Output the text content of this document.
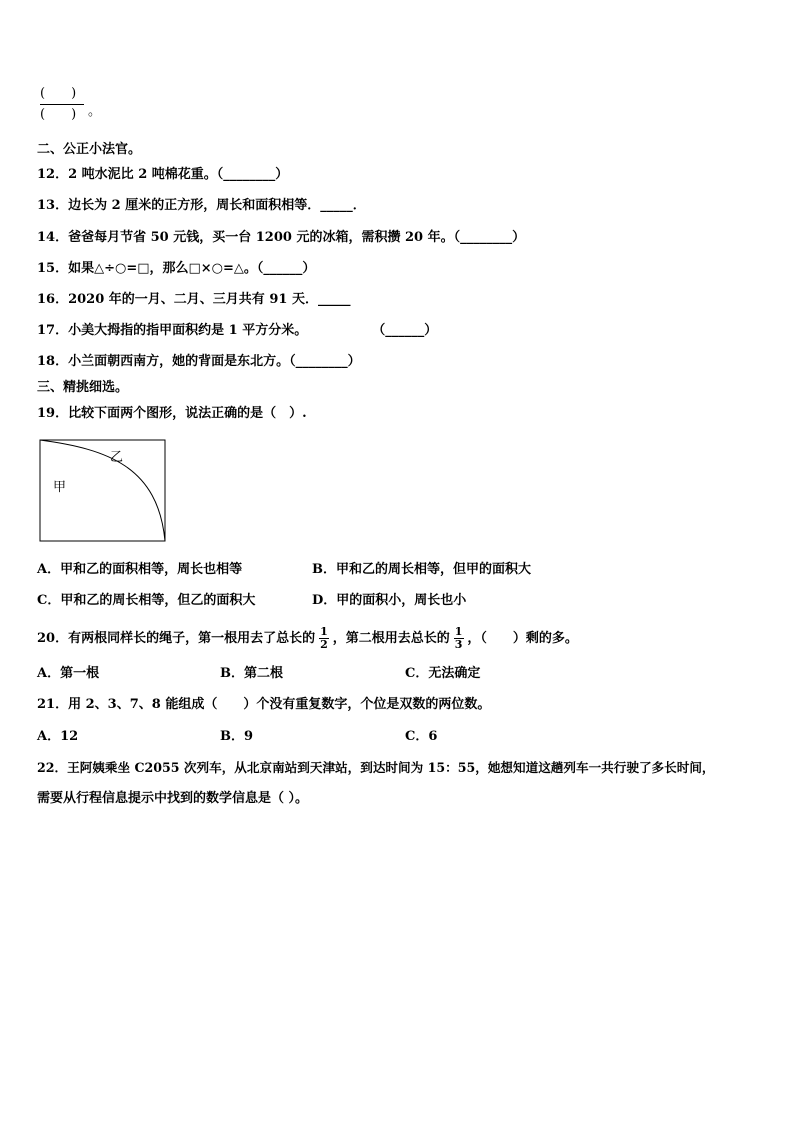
(　　)
(　　) 。
二、公正小法官。
12．2 吨水泥比 2 吨棉花重。（________）
13．边长为 2 厘米的正方形，周长和面积相等．_____．
14．爸爸每月节省 50 元钱，买一台 1200 元的冰箱，需积攒 20 年。（________）
15．如果△÷○=□，那么□×○=△。（______）
16．2020 年的一月、二月、三月共有 91 天．_____
17．小美大拇指的指甲面积约是 1 平方分米。　　　　　　（______）
18．小兰面朝西南方，她的背面是东北方。（________）
三、精挑细选。
19．比较下面两个图形，说法正确的是（　）.
乙
甲
A．甲和乙的面积相等，周长也相等	B．甲和乙的周长相等，但甲的面积大
C．甲和乙的周长相等，但乙的面积大	D．甲的面积小，周长也小
20．有两根同样长的绳子，第一根用去了总长的 $\frac{1}{2}$ ，第二根用去总长的 $\frac{1}{3}$ ，（　　）剩的多。
A．第一根	B．第二根	C．无法确定
21．用 2、3、7、8 能组成（　　）个没有重复数字，个位是双数的两位数。
A．12	B．9	C．6
22．王阿姨乘坐 C2055 次列车，从北京南站到天津站，到达时间为 15：55，她想知道这趟列车一共行驶了多长时间，
需要从行程信息提示中找到的数学信息是（ ）。
